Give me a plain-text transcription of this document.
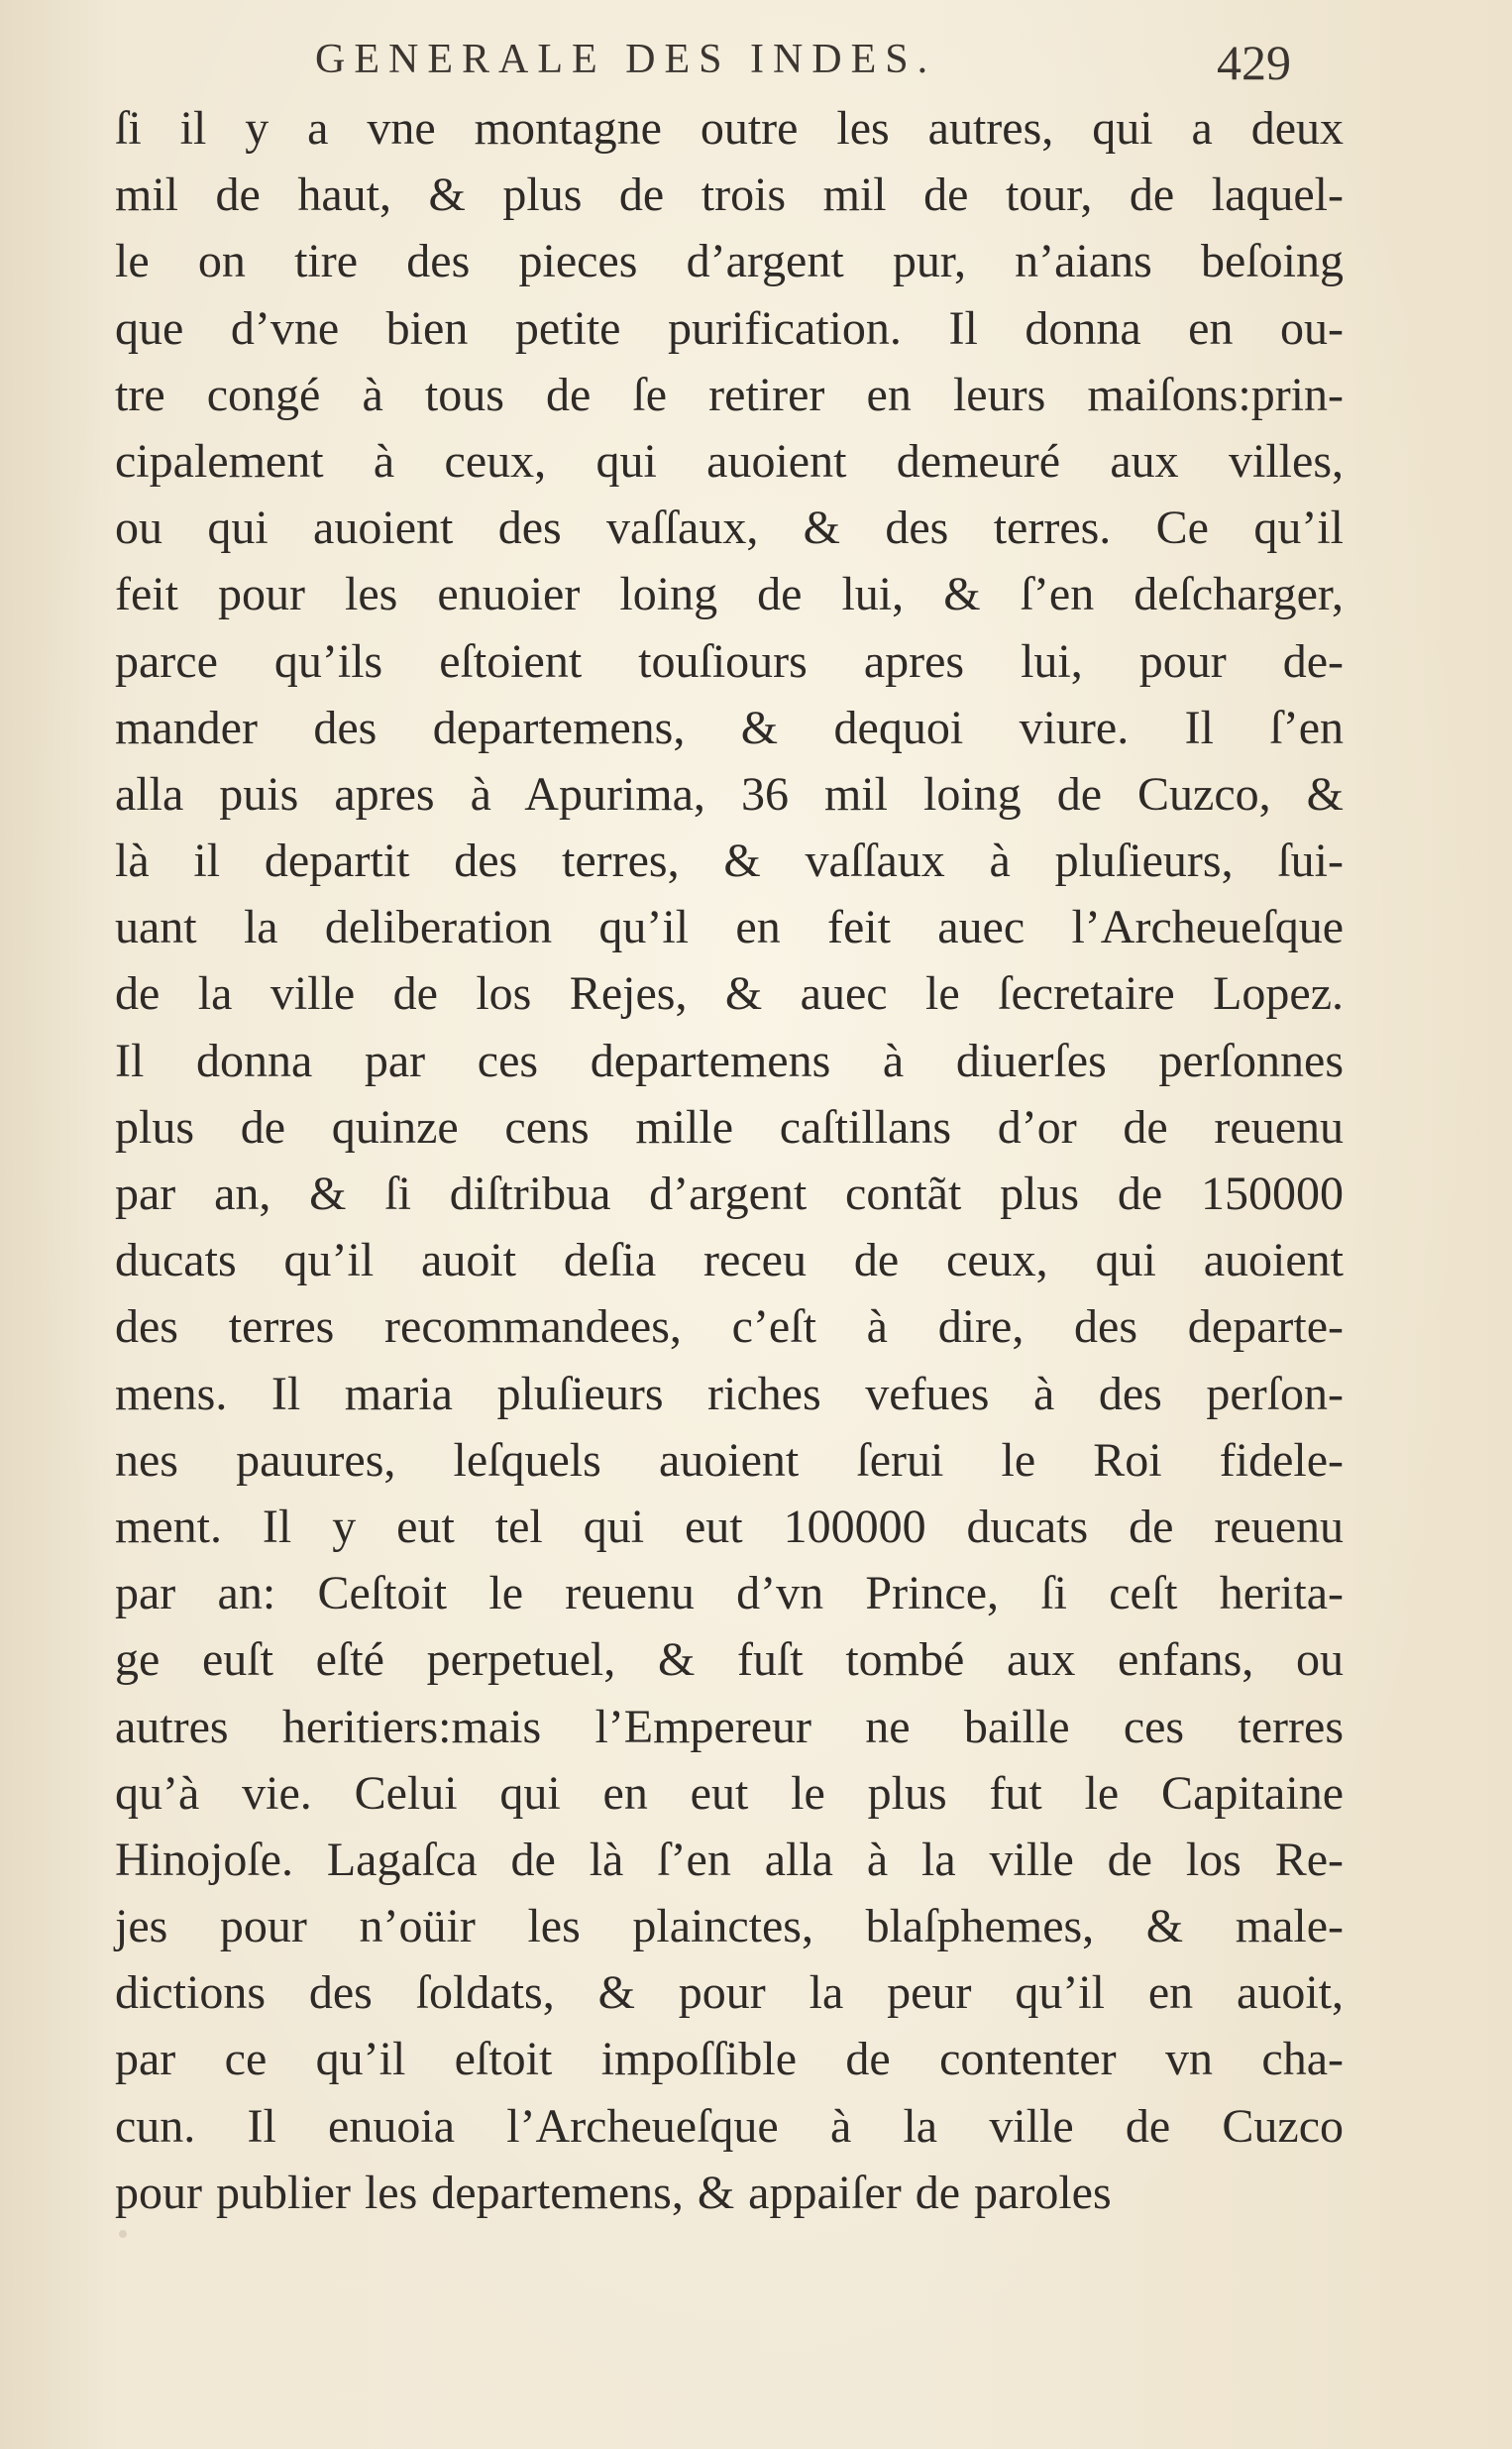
GENERALE DES INDES.	429
ſi il y a vne montagne outre les autres, qui a deux
mil de haut, & plus de trois mil de tour, de laquel-
le on tire des pieces d’argent pur, n’aians beſoing
que d’vne bien petite purification. Il donna en ou-
tre congé à tous de ſe retirer en leurs maiſons:prin-
cipalement à ceux, qui auoient demeuré aux villes,
ou qui auoient des vaſſaux, & des terres. Ce qu’il
feit pour les enuoier loing de lui, & ſ’en deſcharger,
parce qu’ils eſtoient touſiours apres lui, pour de-
mander des departemens, & dequoi viure. Il ſ’en
alla puis apres à Apurima, 36 mil loing de Cuzco, &
là il departit des terres, & vaſſaux à pluſieurs, ſui-
uant la deliberation qu’il en feit auec l’Archeueſque
de la ville de los Rejes, & auec le ſecretaire Lopez.
Il donna par ces departemens à diuerſes perſonnes
plus de quinze cens mille caſtillans d’or de reuenu
par an, & ſi diſtribua d’argent contãt plus de 150000
ducats qu’il auoit deſia receu de ceux, qui auoient
des terres recommandees, c’eſt à dire, des departe-
mens. Il maria pluſieurs riches vefues à des perſon-
nes pauures, leſquels auoient ſerui le Roi fidele-
ment. Il y eut tel qui eut 100000 ducats de reuenu
par an: Ceſtoit le reuenu d’vn Prince, ſi ceſt herita-
ge euſt eſté perpetuel, & fuſt tombé aux enfans, ou
autres heritiers:mais l’Empereur ne baille ces terres
qu’à vie. Celui qui en eut le plus fut le Capitaine
Hinojoſe. Lagaſca de là ſ’en alla à la ville de los Re-
jes pour n’oüir les plainctes, blaſphemes, & male-
dictions des ſoldats, & pour la peur qu’il en auoit,
par ce qu’il eſtoit impoſſible de contenter vn cha-
cun. Il enuoia l’Archeueſque à la ville de Cuzco
pour publier les departemens, & appaiſer de paroles
